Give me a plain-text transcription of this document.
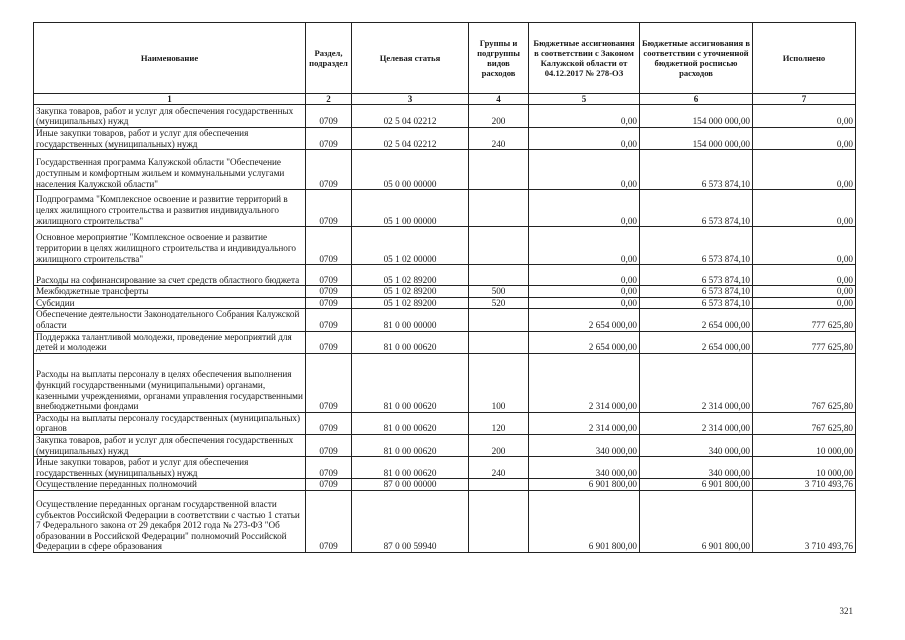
Наименование	Раздел, подраздел	Целевая статья	Группы и подгруппы видов расходов	Бюджетные ассигнования в соответствии с Законом Калужской области от 04.12.2017 № 278-ОЗ	Бюджетные ассигнования в соответствии с уточненной бюджетной росписью расходов	Исполнено
1	2	3	4	5	6	7
Закупка товаров, работ и услуг для обеспечения государственных (муниципальных) нужд	0709	02 5 04 02212	200	0,00	154 000 000,00	0,00
Иные закупки товаров, работ и услуг для обеспечения государственных (муниципальных) нужд	0709	02 5 04 02212	240	0,00	154 000 000,00	0,00
Государственная программа Калужской области "Обеспечение доступным и комфортным жильем и коммунальными услугами населения Калужской области"	0709	05 0 00 00000		0,00	6 573 874,10	0,00
Подпрограмма "Комплексное освоение и развитие территорий в целях жилищного строительства и развития индивидуального жилищного строительства"	0709	05 1 00 00000		0,00	6 573 874,10	0,00
Основное мероприятие "Комплексное освоение и развитие территории в целях жилищного строительства и индивидуального жилищного строительства"	0709	05 1 02 00000		0,00	6 573 874,10	0,00
Расходы на софинансирование за счет средств областного бюджета	0709	05 1 02 89200		0,00	6 573 874,10	0,00
Межбюджетные трансферты	0709	05 1 02 89200	500	0,00	6 573 874,10	0,00
Субсидии	0709	05 1 02 89200	520	0,00	6 573 874,10	0,00
Обеспечение деятельности Законодательного Собрания Калужской области	0709	81 0 00 00000		2 654 000,00	2 654 000,00	777 625,80
Поддержка талантливой молодежи, проведение мероприятий для детей и молодежи	0709	81 0 00 00620		2 654 000,00	2 654 000,00	777 625,80
Расходы на выплаты персоналу в целях обеспечения выполнения функций государственными (муниципальными) органами, казенными учреждениями, органами управления государственными внебюджетными фондами	0709	81 0 00 00620	100	2 314 000,00	2 314 000,00	767 625,80
Расходы на выплаты персоналу государственных (муниципальных) органов	0709	81 0 00 00620	120	2 314 000,00	2 314 000,00	767 625,80
Закупка товаров, работ и услуг для обеспечения государственных (муниципальных) нужд	0709	81 0 00 00620	200	340 000,00	340 000,00	10 000,00
Иные закупки товаров, работ и услуг для обеспечения государственных (муниципальных) нужд	0709	81 0 00 00620	240	340 000,00	340 000,00	10 000,00
Осуществление переданных полномочий	0709	87 0 00 00000		6 901 800,00	6 901 800,00	3 710 493,76
Осуществление переданных органам государственной власти субъектов Российской Федерации в соответствии с частью 1 статьи 7 Федерального закона от 29 декабря 2012 года № 273-ФЗ "Об образовании в Российской Федерации" полномочий Российской Федерации в сфере образования	0709	87 0 00 59940		6 901 800,00	6 901 800,00	3 710 493,76
321
